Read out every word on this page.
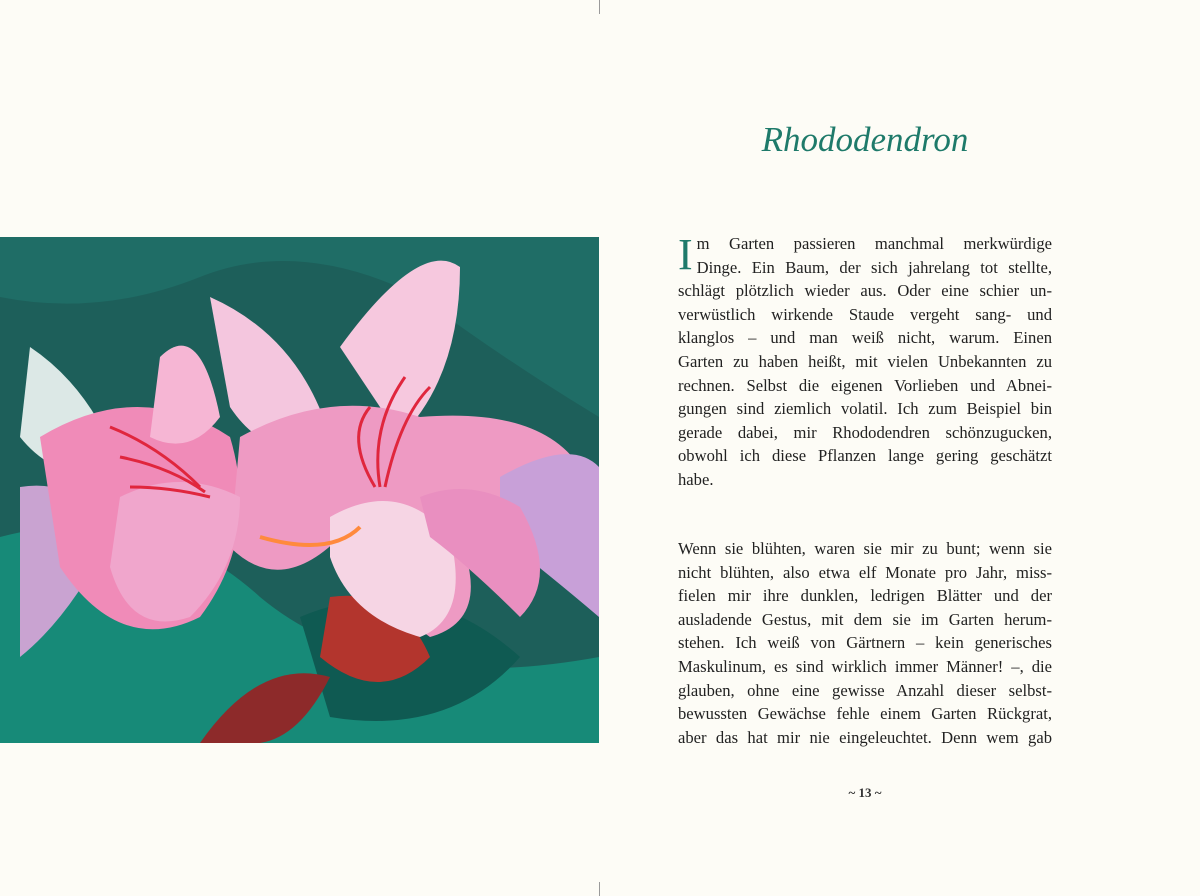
Rhododendron
I m Garten passieren manchmal merkwürdige
Dinge. Ein Baum, der sich jahrelang tot stellte,
schlägt plötzlich wieder aus. Oder eine schier un-
verwüstlich wirkende Staude vergeht sang- und
klanglos – und man weiß nicht, warum. Einen
Garten zu haben heißt, mit vielen Unbekannten zu
rechnen. Selbst die eigenen Vorlieben und Abnei-
gungen sind ziemlich volatil. Ich zum Beispiel bin
gerade dabei, mir Rhododendren schönzugucken,
obwohl ich diese Pflanzen lange gering geschätzt
habe.
Wenn sie blühten, waren sie mir zu bunt; wenn sie
nicht blühten, also etwa elf Monate pro Jahr, miss-
fielen mir ihre dunklen, ledrigen Blätter und der
ausladende Gestus, mit dem sie im Garten herum-
stehen. Ich weiß von Gärtnern – kein generisches
Maskulinum, es sind wirklich immer Männer! –, die
glauben, ohne eine gewisse Anzahl dieser selbst-
bewussten Gewächse fehle einem Garten Rückgrat,
aber das hat mir nie eingeleuchtet. Denn wem gab
~ 13 ~
